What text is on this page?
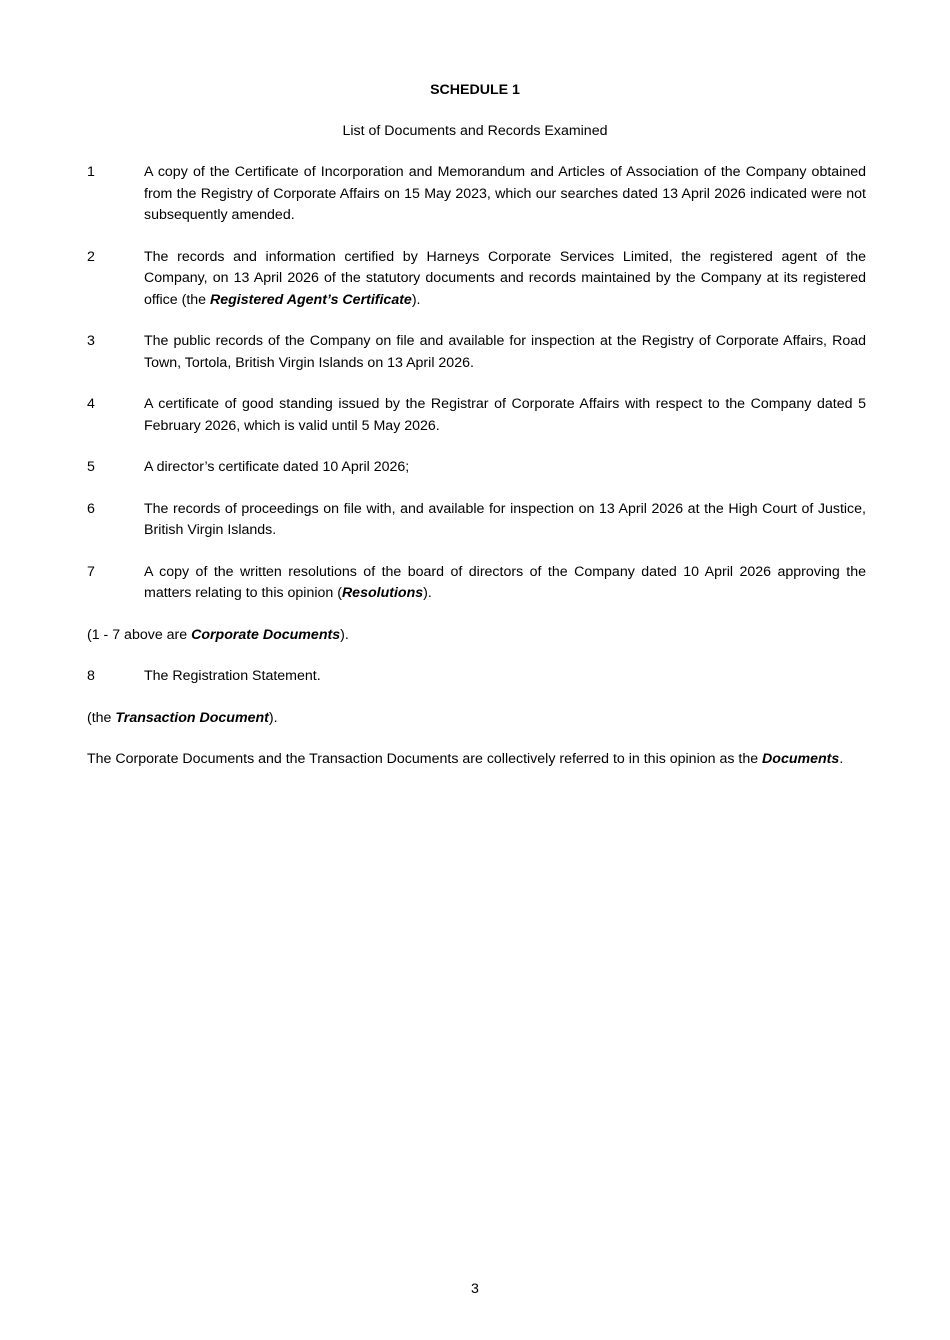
SCHEDULE 1
List of Documents and Records Examined
1	A copy of the Certificate of Incorporation and Memorandum and Articles of Association of the Company obtained from the Registry of Corporate Affairs on 15 May 2023, which our searches dated 13 April 2026 indicated were not subsequently amended.
2	The records and information certified by Harneys Corporate Services Limited, the registered agent of the Company, on 13 April 2026 of the statutory documents and records maintained by the Company at its registered office (the Registered Agent’s Certificate).
3	The public records of the Company on file and available for inspection at the Registry of Corporate Affairs, Road Town, Tortola, British Virgin Islands on 13 April 2026.
4	A certificate of good standing issued by the Registrar of Corporate Affairs with respect to the Company dated 5 February 2026, which is valid until 5 May 2026.
5	A director’s certificate dated 10 April 2026;
6	The records of proceedings on file with, and available for inspection on 13 April 2026 at the High Court of Justice, British Virgin Islands.
7	A copy of the written resolutions of the board of directors of the Company dated 10 April 2026 approving the matters relating to this opinion (Resolutions).
(1 - 7 above are Corporate Documents).
8	The Registration Statement.
(the Transaction Document).
The Corporate Documents and the Transaction Documents are collectively referred to in this opinion as the Documents.
3
